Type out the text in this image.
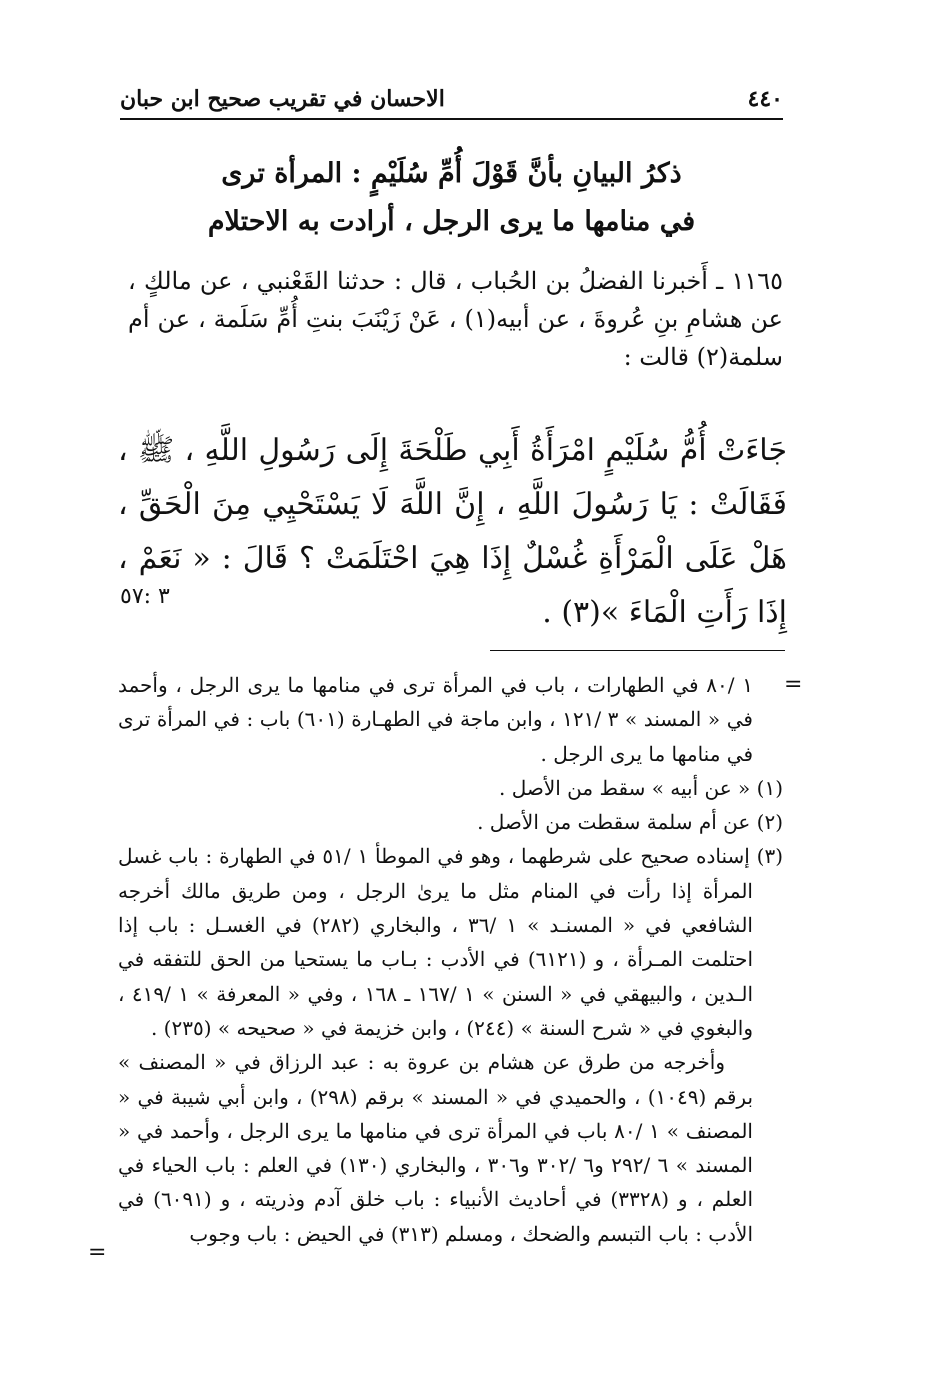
٤٤٠
الاحسان في تقريب صحيح ابن حبان
ذكرُ البيانِ بأنَّ قَوْلَ أُمِّ سُلَيْمٍ : المرأة ترى
في منامها ما يرى الرجل ، أرادت به الاحتلام
١١٦٥ ـ أَخبرنا الفضلُ بن الحُباب ، قال : حدثنا القَعْنبي ، عن مالكٍ ، عن هشامِ بنِ عُروةَ ، عن أبيه(١) ، عَنْ زَيْنَبَ بنتِ أُمِّ سَلَمة ، عن أم سلمة(٢) قالت :
جَاءَتْ أُمُّ سُلَيْمٍ امْرَأَةُ أَبِي طَلْحَةَ إِلَى رَسُولِ اللَّهِ ، ﷺ ، فَقَالَتْ : يَا رَسُولَ اللَّهِ ، إِنَّ اللَّهَ لَا يَسْتَحْيِي مِنَ الْحَقِّ ، هَلْ عَلَى الْمَرْأَةِ غُسْلٌ إِذَا هِيَ احْتَلَمَتْ ؟ قَالَ : « نَعَمْ ، إِذَا رَأَتِ الْمَاءَ »(٣) .
٣ :٥٧
=
=

١ /٨٠ في الطهارات ، باب في المرأة ترى في منامها ما يرى الرجل ، وأحمد في « المسند » ٣ /١٢١ ، وابن ماجة في الطهـارة (٦٠١) باب : في المرأة ترى في منامها ما يرى الرجل .

(١) « عن أبيه » سقط من الأصل .

(٢) عن أم سلمة سقطت من الأصل .

(٣) إسناده صحيح على شرطهما ، وهو في الموطأ ١ /٥١ في الطهارة : باب غسل المرأة إذا رأت في المنام مثل ما يرىٰ الرجل ، ومن طريق مالك أخرجه الشافعي في « المسنـد » ١ /٣٦ ، والبخاري (٢٨٢) في الغسـل : باب إذا احتلمت المـرأة ، و (٦١٢١) في الأدب : بـاب ما يستحيا من الحق للتفقه في الـدين ، والبيهقي في « السنن » ١ /١٦٧ ـ ١٦٨ ، وفي « المعرفة » ١ /٤١٩ ، والبغوي في « شرح السنة » (٢٤٤) ، وابن خزيمة في « صحيحه » (٢٣٥) .

وأخرجه من طرق عن هشام بن عروة به : عبد الرزاق في « المصنف » برقم (١٠٤٩) ، والحميدي في « المسند » برقم (٢٩٨) ، وابن أبي شيبة في « المصنف » ١ /٨٠ باب في المرأة ترى في منامها ما يرى الرجل ، وأحمد في « المسند » ٦ /٢٩٢ و٦ /٣٠٢ و٣٠٦ ، والبخاري (١٣٠) في العلم : باب الحياء في العلم ، و (٣٣٢٨) في أحاديث الأنبياء : باب خلق آدم وذريته ، و (٦٠٩١) في الأدب : باب التبسم والضحك ، ومسلم (٣١٣) في الحيض : باب وجوب
